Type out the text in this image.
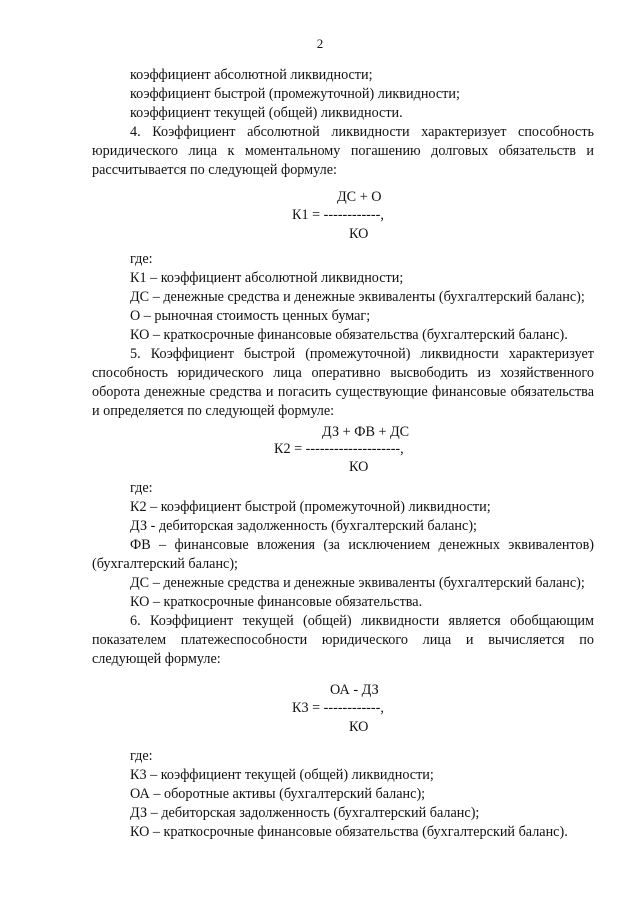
2

коэффициент абсолютной ликвидности;

коэффициент быстрой (промежуточной) ликвидности;

коэффициент текущей (общей) ликвидности.

4. Коэффициент абсолютной ликвидности характеризует способность юридического лица к моментальному погашению долговых обязательств и рассчитывается по следующей формуле:

ДС + О
К1 = ------------,
КО

где:

К1 – коэффициент абсолютной ликвидности;

ДС – денежные средства и денежные эквиваленты (бухгалтерский баланс);

О – рыночная стоимость ценных бумаг;

КО – краткосрочные финансовые обязательства (бухгалтерский баланс).

5. Коэффициент быстрой (промежуточной) ликвидности характеризует способность юридического лица оперативно высвободить из хозяйственного оборота денежные средства и погасить существующие финансовые обязательства и определяется по следующей формуле:

ДЗ + ФВ + ДС
К2 = --------------------,
КО

где:

К2 – коэффициент быстрой (промежуточной) ликвидности;

ДЗ - дебиторская задолженность (бухгалтерский баланс);

ФВ – финансовые вложения (за исключением денежных эквивалентов) (бухгалтерский баланс);

ДС – денежные средства и денежные эквиваленты (бухгалтерский баланс);

КО – краткосрочные финансовые обязательства.

6. Коэффициент текущей (общей) ликвидности является обобщающим показателем платежеспособности юридического лица и вычисляется по следующей формуле:

ОА - ДЗ
К3 = ------------,
КО

где:

К3 – коэффициент текущей (общей) ликвидности;

ОА – оборотные активы (бухгалтерский баланс);

ДЗ – дебиторская задолженность (бухгалтерский баланс);

КО – краткосрочные финансовые обязательства (бухгалтерский баланс).
